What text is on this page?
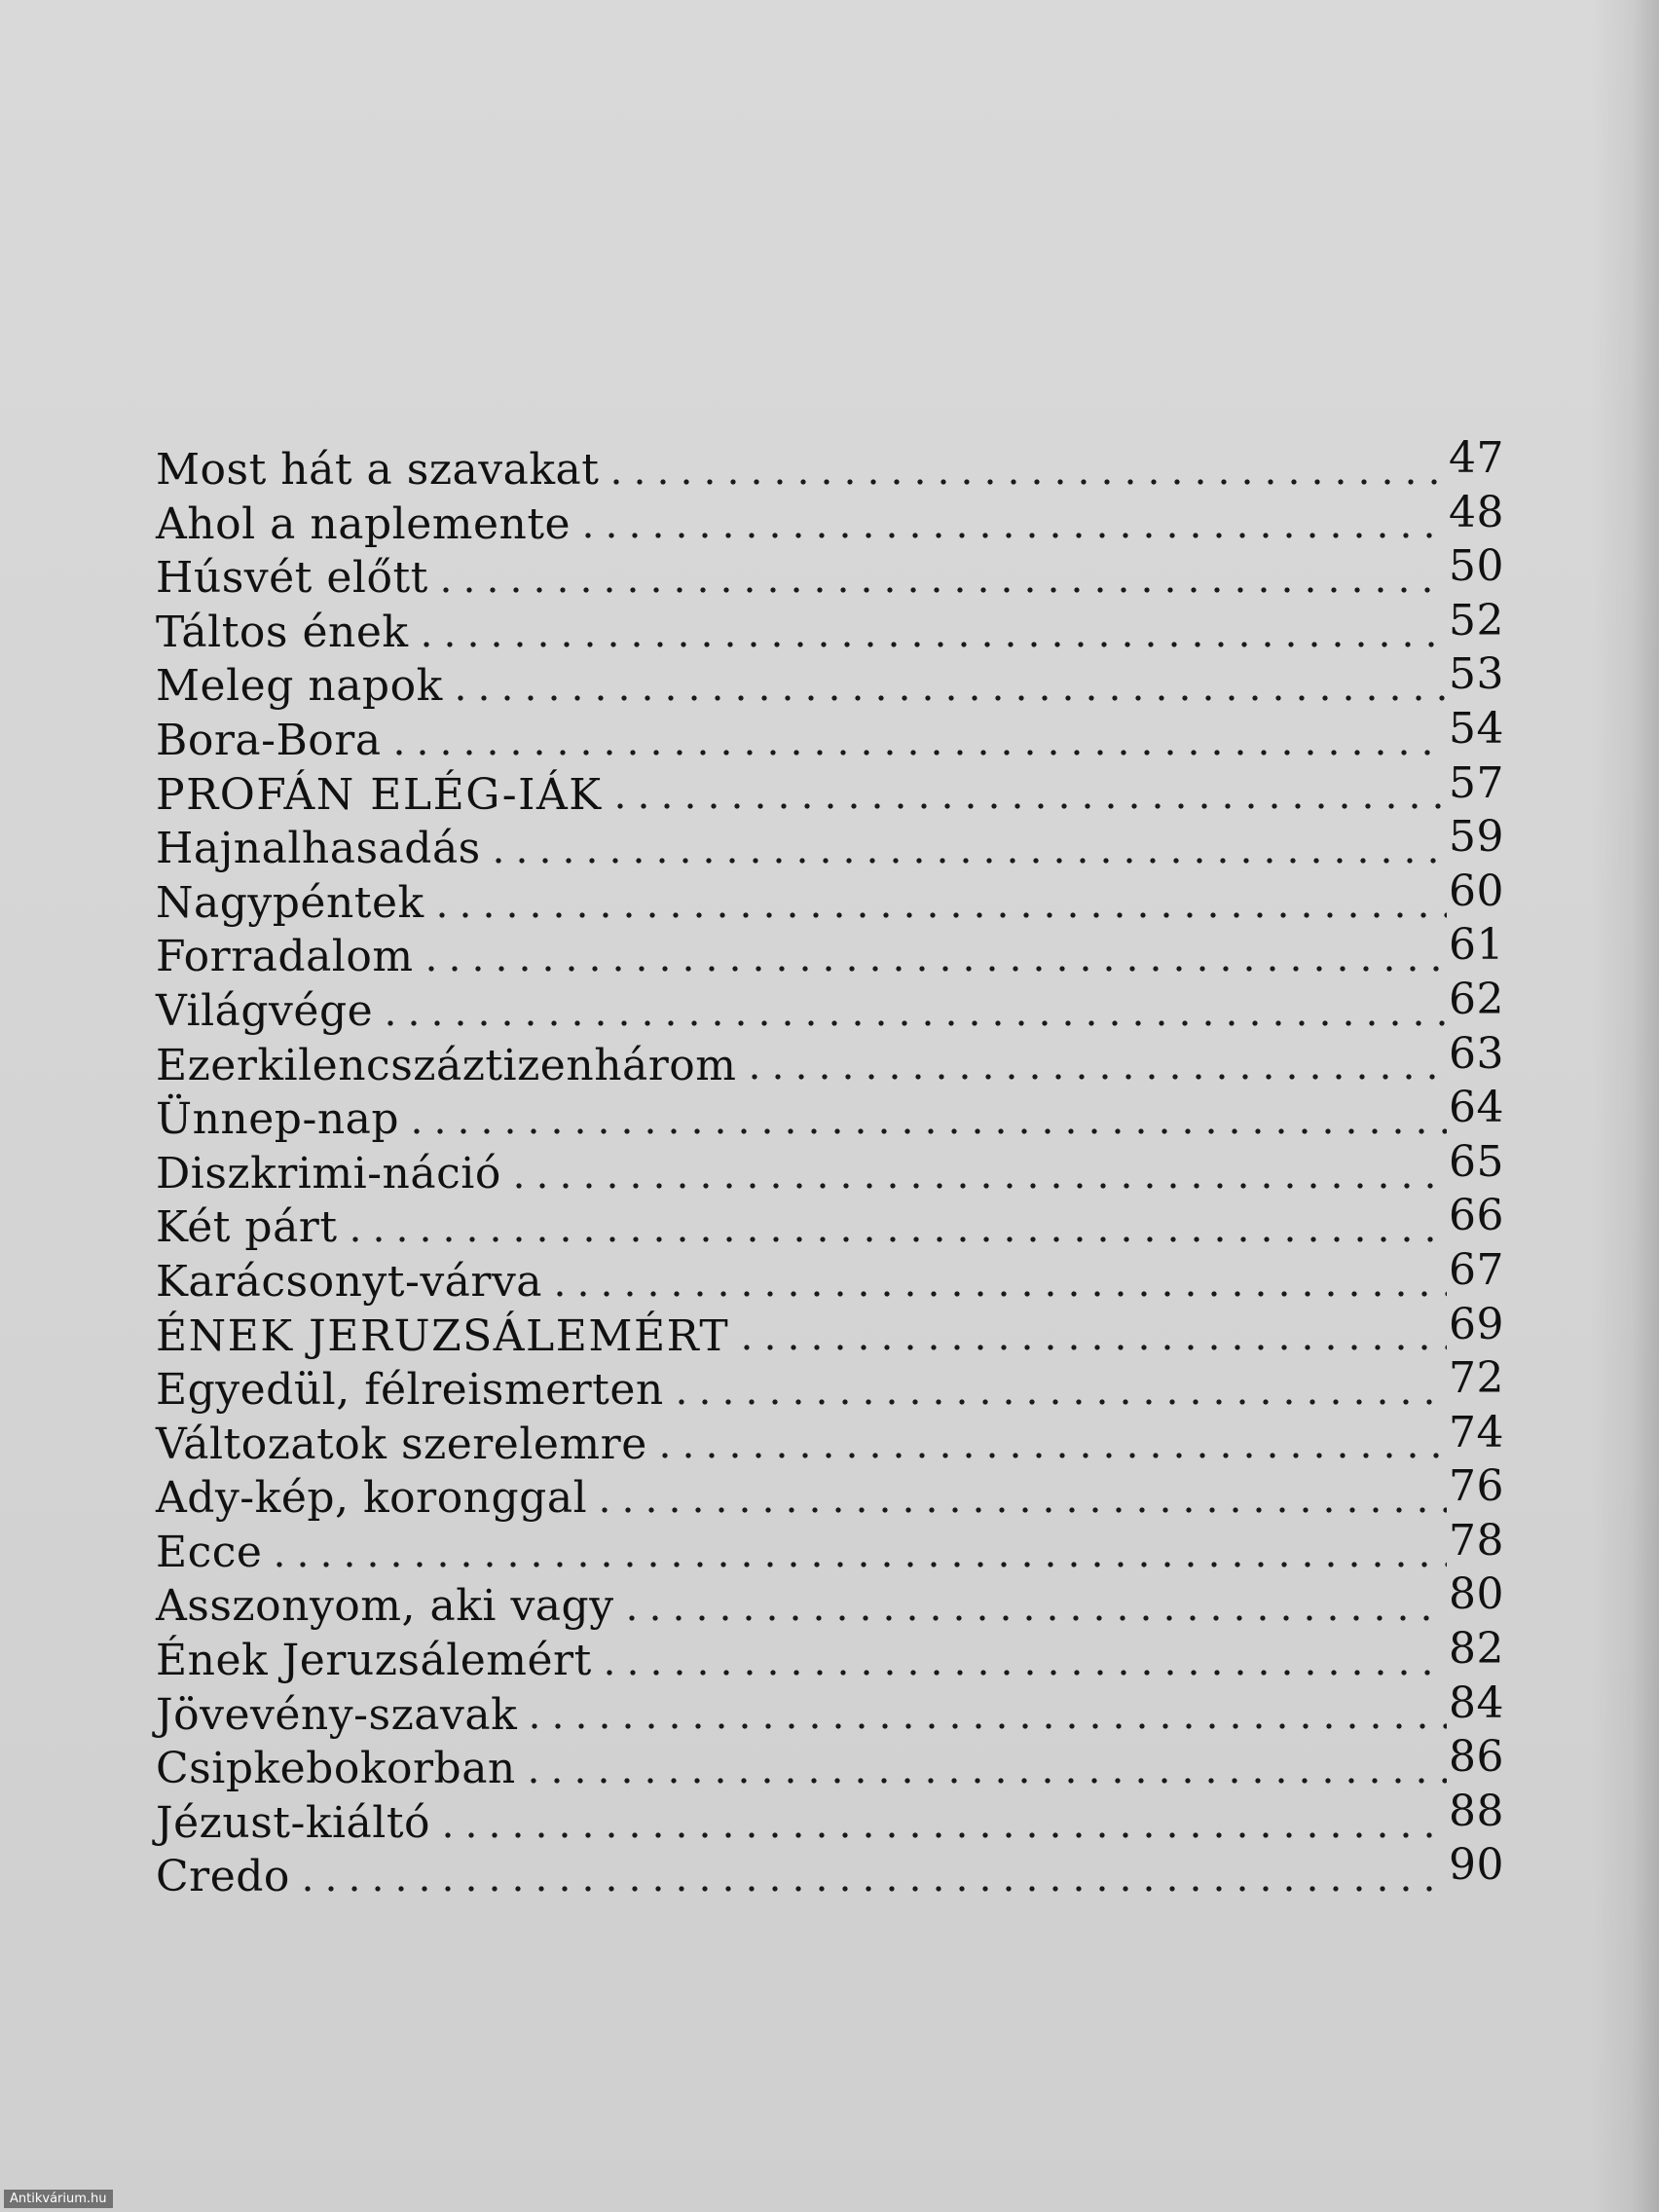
Most hát a szavakat	47
Ahol a naplemente	48
Húsvét előtt	50
Táltos ének	52
Meleg napok	53
Bora-Bora	54
PROFÁN ELÉG-IÁK	57
Hajnalhasadás	59
Nagypéntek	60
Forradalom	61
Világvége	62
Ezerkilencszáztizenhárom	63
Ünnep-nap	64
Diszkrimi-náció	65
Két párt	66
Karácsonyt-várva	67
ÉNEK JERUZSÁLEMÉRT	69
Egyedül, félreismerten	72
Változatok szerelemre	74
Ady-kép, koronggal	76
Ecce	78
Asszonyom, aki vagy	80
Ének Jeruzsálemért	82
Jövevény-szavak	84
Csipkebokorban	86
Jézust-kiáltó	88
Credo	90
Antikvárium.hu
